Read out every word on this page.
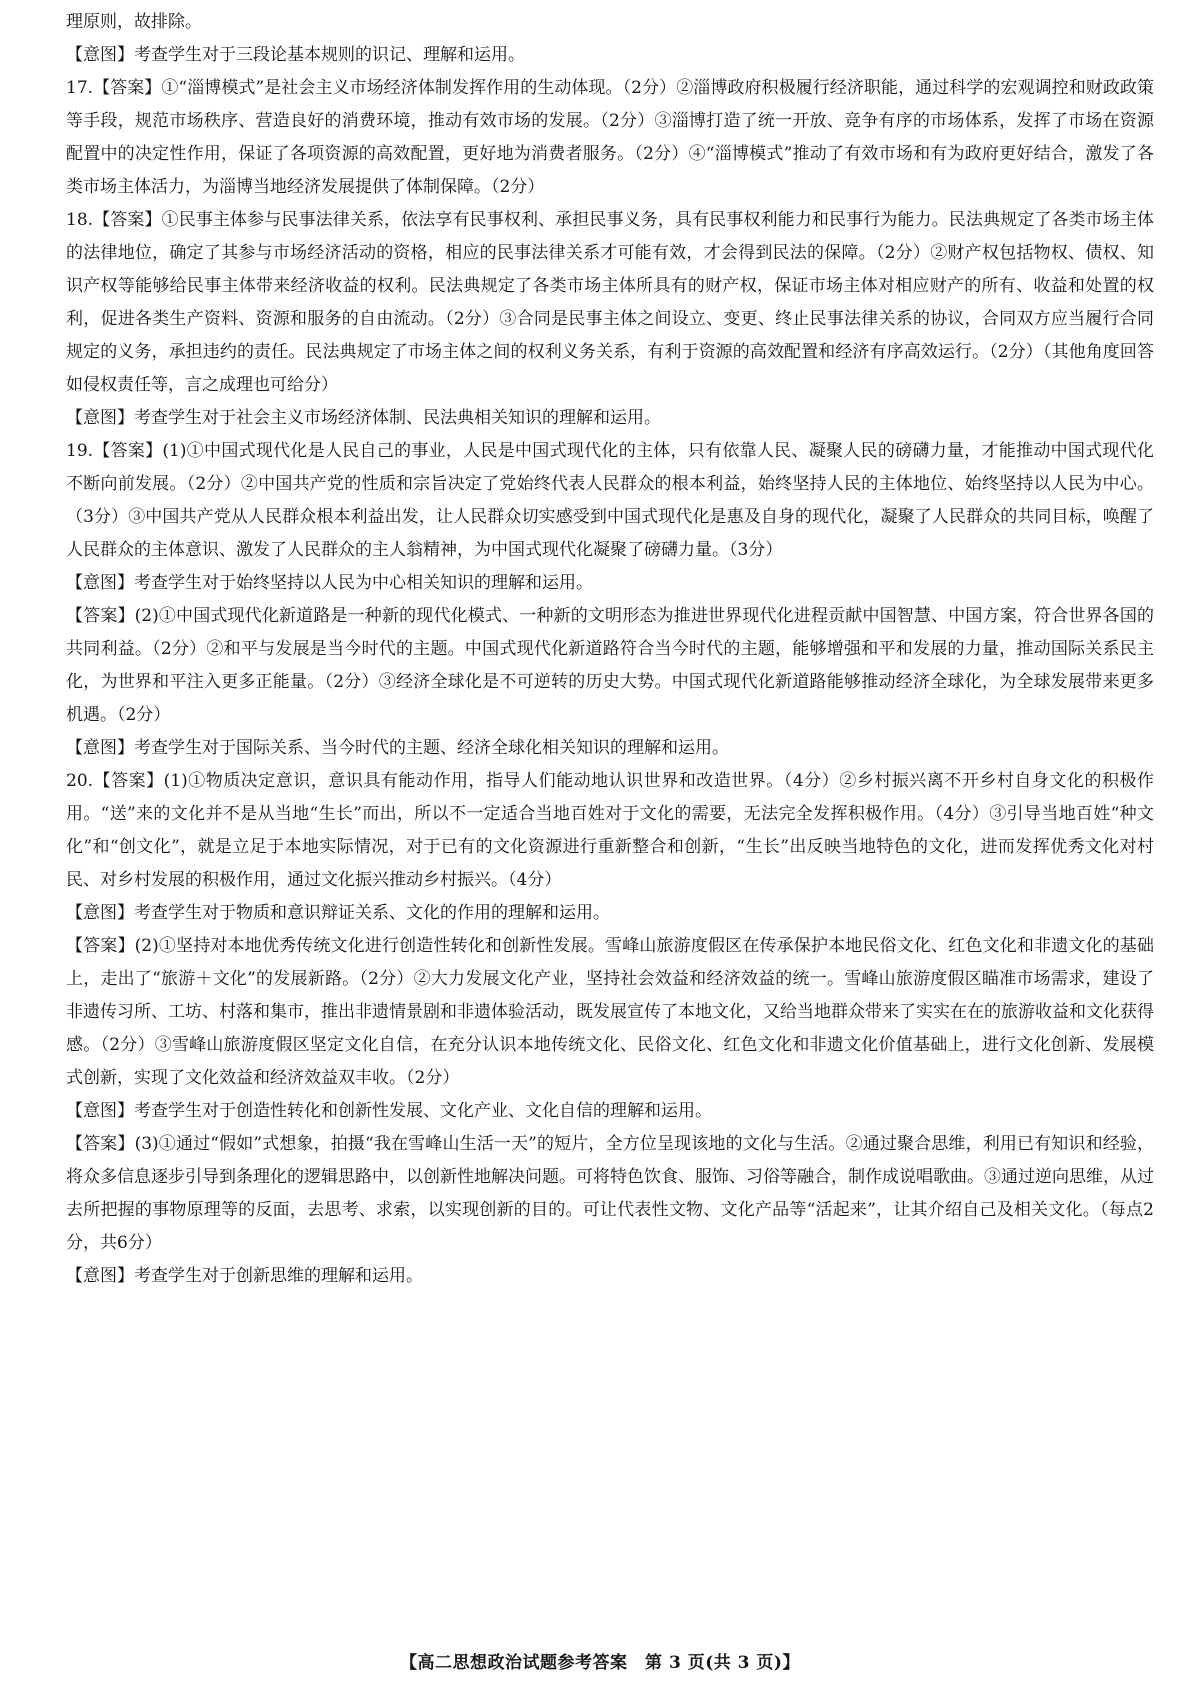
理原则，故排除。

【意图】考查学生对于三段论基本规则的识记、理解和运用。

17.【答案】①“淄博模式”是社会主义市场经济体制发挥作用的生动体现。（2分）②淄博政府积极履行经济职能，通过科学的宏观调控和财政政策等手段，规范市场秩序、营造良好的消费环境，推动有效市场的发展。（2分）③淄博打造了统一开放、竞争有序的市场体系，发挥了市场在资源配置中的决定性作用，保证了各项资源的高效配置，更好地为消费者服务。（2分）④“淄博模式”推动了有效市场和有为政府更好结合，激发了各类市场主体活力，为淄博当地经济发展提供了体制保障。（2分）

18.【答案】①民事主体参与民事法律关系，依法享有民事权利、承担民事义务，具有民事权利能力和民事行为能力。民法典规定了各类市场主体的法律地位，确定了其参与市场经济活动的资格，相应的民事法律关系才可能有效，才会得到民法的保障。（2分）②财产权包括物权、债权、知识产权等能够给民事主体带来经济收益的权利。民法典规定了各类市场主体所具有的财产权，保证市场主体对相应财产的所有、收益和处置的权利，促进各类生产资料、资源和服务的自由流动。（2分）③合同是民事主体之间设立、变更、终止民事法律关系的协议，合同双方应当履行合同规定的义务，承担违约的责任。民法典规定了市场主体之间的权利义务关系，有利于资源的高效配置和经济有序高效运行。（2分）（其他角度回答如侵权责任等，言之成理也可给分）

【意图】考查学生对于社会主义市场经济体制、民法典相关知识的理解和运用。

19.【答案】(1)①中国式现代化是人民自己的事业，人民是中国式现代化的主体，只有依靠人民、凝聚人民的磅礴力量，才能推动中国式现代化不断向前发展。（2分）②中国共产党的性质和宗旨决定了党始终代表人民群众的根本利益，始终坚持人民的主体地位、始终坚持以人民为中心。（3分）③中国共产党从人民群众根本利益出发，让人民群众切实感受到中国式现代化是惠及自身的现代化，凝聚了人民群众的共同目标，唤醒了人民群众的主体意识、激发了人民群众的主人翁精神，为中国式现代化凝聚了磅礴力量。（3分）

【意图】考查学生对于始终坚持以人民为中心相关知识的理解和运用。

【答案】(2)①中国式现代化新道路是一种新的现代化模式、一种新的文明形态为推进世界现代化进程贡献中国智慧、中国方案，符合世界各国的共同利益。（2分）②和平与发展是当今时代的主题。中国式现代化新道路符合当今时代的主题，能够增强和平和发展的力量，推动国际关系民主化，为世界和平注入更多正能量。（2分）③经济全球化是不可逆转的历史大势。中国式现代化新道路能够推动经济全球化，为全球发展带来更多机遇。（2分）

【意图】考查学生对于国际关系、当今时代的主题、经济全球化相关知识的理解和运用。

20.【答案】(1)①物质决定意识，意识具有能动作用，指导人们能动地认识世界和改造世界。（4分）②乡村振兴离不开乡村自身文化的积极作用。“送”来的文化并不是从当地“生长”而出，所以不一定适合当地百姓对于文化的需要，无法完全发挥积极作用。（4分）③引导当地百姓“种文化”和“创文化”，就是立足于本地实际情况，对于已有的文化资源进行重新整合和创新，“生长”出反映当地特色的文化，进而发挥优秀文化对村民、对乡村发展的积极作用，通过文化振兴推动乡村振兴。（4分）

【意图】考查学生对于物质和意识辩证关系、文化的作用的理解和运用。

【答案】(2)①坚持对本地优秀传统文化进行创造性转化和创新性发展。雪峰山旅游度假区在传承保护本地民俗文化、红色文化和非遗文化的基础上，走出了“旅游＋文化”的发展新路。（2分）②大力发展文化产业，坚持社会效益和经济效益的统一。雪峰山旅游度假区瞄准市场需求，建设了非遗传习所、工坊、村落和集市，推出非遗情景剧和非遗体验活动，既发展宣传了本地文化，又给当地群众带来了实实在在的旅游收益和文化获得感。（2分）③雪峰山旅游度假区坚定文化自信，在充分认识本地传统文化、民俗文化、红色文化和非遗文化价值基础上，进行文化创新、发展模式创新，实现了文化效益和经济效益双丰收。（2分）

【意图】考查学生对于创造性转化和创新性发展、文化产业、文化自信的理解和运用。

【答案】(3)①通过“假如”式想象，拍摄“我在雪峰山生活一天”的短片，全方位呈现该地的文化与生活。②通过聚合思维，利用已有知识和经验，将众多信息逐步引导到条理化的逻辑思路中，以创新性地解决问题。可将特色饮食、服饰、习俗等融合，制作成说唱歌曲。③通过逆向思维，从过去所把握的事物原理等的反面，去思考、求索，以实现创新的目的。可让代表性文物、文化产品等“活起来”，让其介绍自己及相关文化。（每点2分，共6分）

【意图】考查学生对于创新思维的理解和运用。

【高二思想政治试题参考答案　第 3 页(共 3 页)】
